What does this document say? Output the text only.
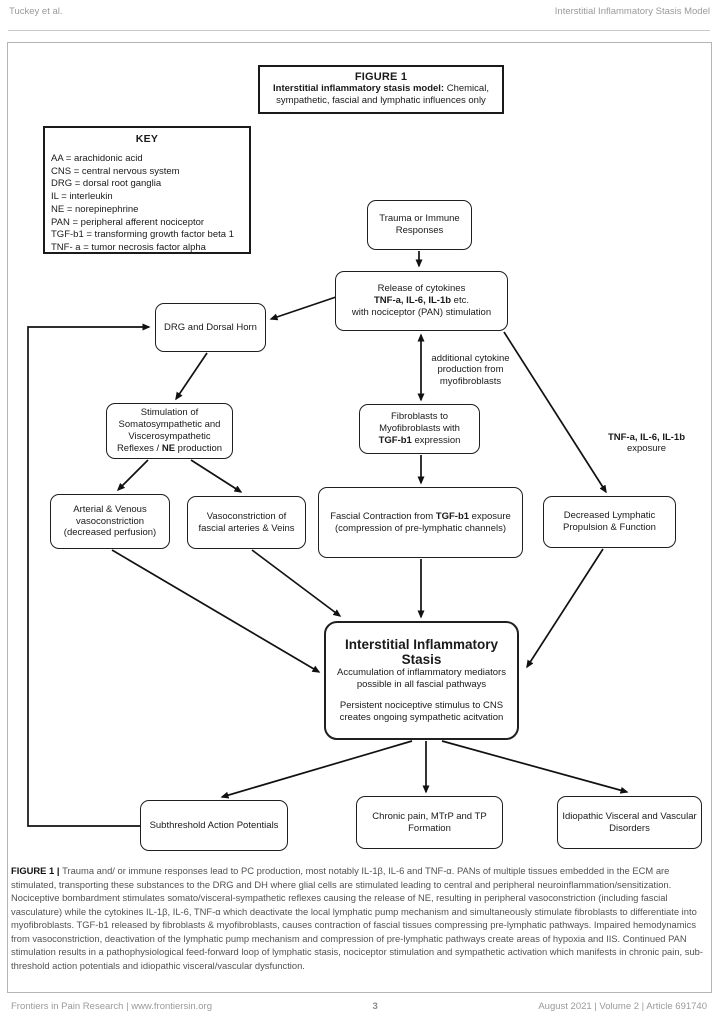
Tuckey et al.	Interstitial Inflammatory Stasis Model
FIGURE 1
Interstitial inflammatory stasis model: Chemical,
sympathetic, fascial and lymphatic influences only
KEY
AA = arachidonic acid
CNS = central nervous system
DRG = dorsal root ganglia
IL = interleukin
NE = norepinephrine
PAN = peripheral afferent nociceptor
TGF-b1 = transforming growth factor beta 1
TNF- a = tumor necrosis factor alpha
Trauma or Immune
Responses
Release of cytokines
TNF-a, IL-6, IL-1b etc.
with nociceptor (PAN) stimulation
DRG and Dorsal Horn
Stimulation of
Somatosympathetic and
Viscerosympathetic
Reflexes / NE production
Fibroblasts to
Myofibroblasts with
TGF-b1 expression
Arterial & Venous
vasoconstriction
(decreased perfusion)
Vasoconstriction of
fascial arteries & Veins
Fascial Contraction from TGF-b1 exposure
(compression of pre-lymphatic channels)
Decreased Lymphatic
Propulsion & Function
Interstitial Inflammatory
Stasis
Accumulation of inflammatory mediators
possible in all fascial pathways
Persistent nociceptive stimulus to CNS
creates ongoing sympathetic acitvation
Subthreshold Action Potentials
Chronic pain, MTrP and TP
Formation
Idiopathic Visceral and Vascular
Disorders
additional cytokine
production from
myofibroblasts
TNF-a, IL-6, IL-1b
exposure
FIGURE 1 | Trauma and/ or immune responses lead to PC production, most notably IL-1β, IL-6 and TNF-α. PANs of multiple tissues embedded in the ECM are stimulated, transporting these substances to the DRG and DH where glial cells are stimulated leading to central and peripheral neuroinflammation/sensitization. Nociceptive bombardment stimulates somato/visceral-sympathetic reflexes causing the release of NE, resulting in peripheral vasoconstriction (including fascial vasculature) while the cytokines IL-1β, IL-6, TNF-α which deactivate the local lymphatic pump mechanism and simultaneously stimulate fibroblasts to differentiate into myofibroblasts. TGF-b1 released by fibroblasts & myofibroblasts, causes contraction of fascial tissues compressing pre-lymphatic pathways. Impaired hemodynamics from vasoconstriction, deactivation of the lymphatic pump mechanism and compression of pre-lymphatic pathways create areas of hypoxia and IIS. Continued PAN stimulation results in a pathophysiological feed-forward loop of lymphatic stasis, nociceptor stimulation and sympathetic activation which manifests in chronic pain, sub-threshold action potentials and idiopathic visceral/vascular dysfunction.
Frontiers in Pain Research | www.frontiersin.org	3	August 2021 | Volume 2 | Article 691740
